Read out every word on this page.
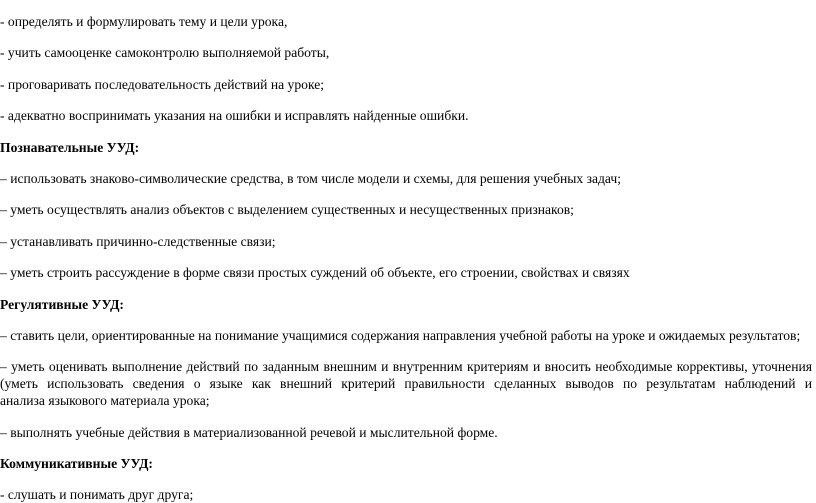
- определять и формулировать тему и цели урока,
- учить самооценке самоконтролю выполняемой работы,
- проговаривать последовательность действий на уроке;
- адекватно воспринимать указания на ошибки и исправлять найденные ошибки.
Познавательные УУД:
– использовать знаково-символические средства, в том числе модели и схемы, для решения учебных задач;
– уметь осуществлять анализ объектов с выделением существенных и несущественных признаков;
– устанавливать причинно-следственные связи;
– уметь строить рассуждение в форме связи простых суждений об объекте, его строении, свойствах и связях
Регулятивные УУД:
– ставить цели, ориентированные на понимание учащимися содержания направления учебной работы на уроке и ожидаемых результатов;
– уметь оценивать выполнение действий по заданным внешним и внутренним критериям и вносить необходимые коррективы, уточнения
(уметь использовать сведения о языке как внешний критерий правильности сделанных выводов по результатам наблюдений и
анализа языкового материала урока;
– выполнять учебные действия в материализованной речевой и мыслительной форме.
Коммуникативные УУД:
- слушать и понимать друг друга;
